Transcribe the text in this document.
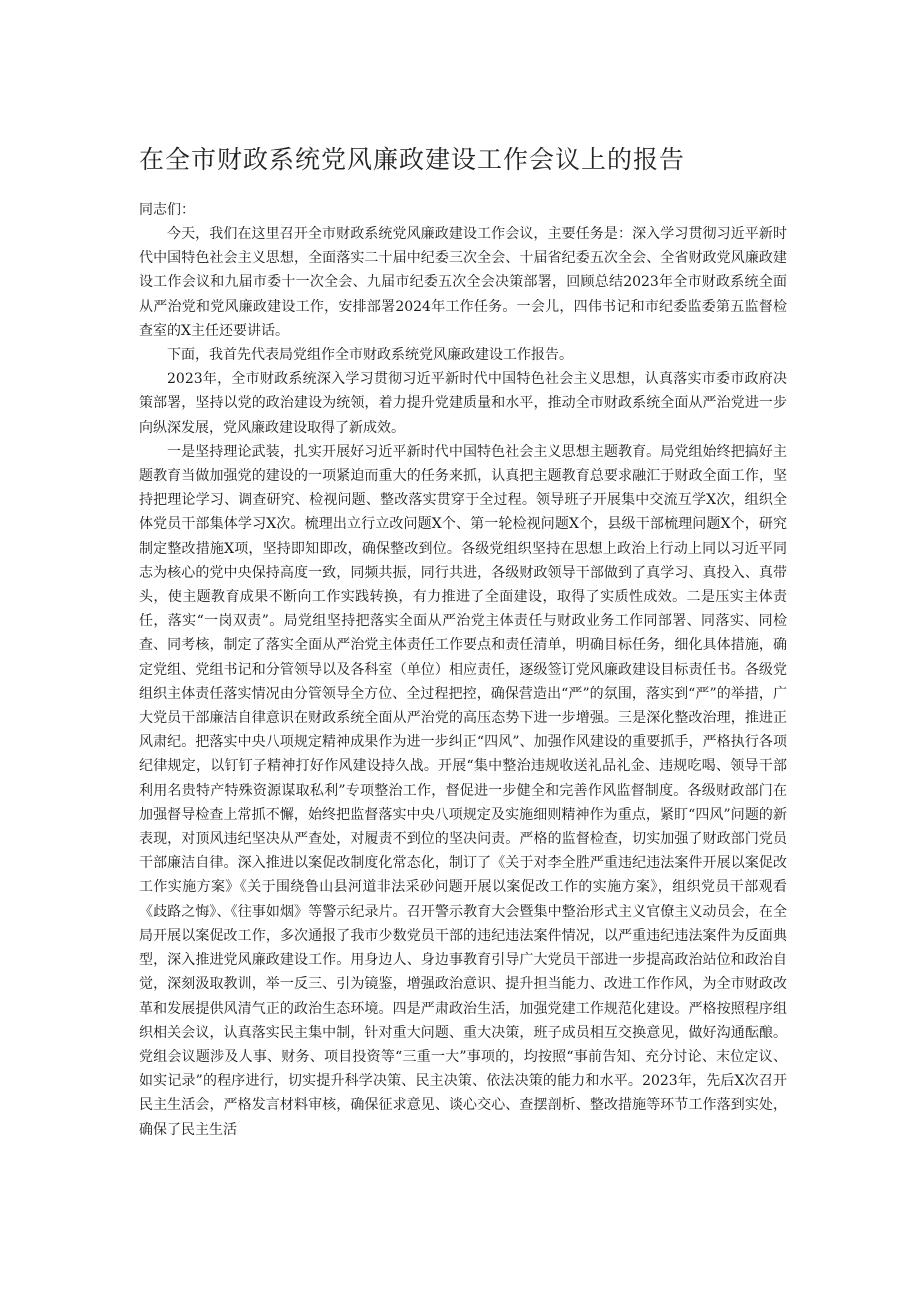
在全市财政系统党风廉政建设工作会议上的报告

同志们：

今天，我们在这里召开全市财政系统党风廉政建设工作会议，主要任务是：深入学习贯彻习近平新时代中国特色社会主义思想，全面落实二十届中纪委三次全会、十届省纪委五次全会、全省财政党风廉政建设工作会议和九届市委十一次全会、九届市纪委五次全会决策部署，回顾总结2023年全市财政系统全面从严治党和党风廉政建设工作，安排部署2024年工作任务。一会儿，四伟书记和市纪委监委第五监督检查室的X主任还要讲话。

下面，我首先代表局党组作全市财政系统党风廉政建设工作报告。

2023年，全市财政系统深入学习贯彻习近平新时代中国特色社会主义思想，认真落实市委市政府决策部署，坚持以党的政治建设为统领，着力提升党建质量和水平，推动全市财政系统全面从严治党进一步向纵深发展，党风廉政建设取得了新成效。

一是坚持理论武装，扎实开展好习近平新时代中国特色社会主义思想主题教育。局党组始终把搞好主题教育当做加强党的建设的一项紧迫而重大的任务来抓，认真把主题教育总要求融汇于财政全面工作，坚持把理论学习、调查研究、检视问题、整改落实贯穿于全过程。领导班子开展集中交流互学X次，组织全体党员干部集体学习X次。梳理出立行立改问题X个、第一轮检视问题X个，县级干部梳理问题X个，研究制定整改措施X项，坚持即知即改，确保整改到位。各级党组织坚持在思想上政治上行动上同以习近平同志为核心的党中央保持高度一致，同频共振，同行共进，各级财政领导干部做到了真学习、真投入、真带头，使主题教育成果不断向工作实践转换，有力推进了全面建设，取得了实质性成效。二是压实主体责任，落实“一岗双责”。局党组坚持把落实全面从严治党主体责任与财政业务工作同部署、同落实、同检查、同考核，制定了落实全面从严治党主体责任工作要点和责任清单，明确目标任务，细化具体措施，确定党组、党组书记和分管领导以及各科室（单位）相应责任，逐级签订党风廉政建设目标责任书。各级党组织主体责任落实情况由分管领导全方位、全过程把控，确保营造出“严”的氛围，落实到“严”的举措，广大党员干部廉洁自律意识在财政系统全面从严治党的高压态势下进一步增强。三是深化整改治理，推进正风肃纪。把落实中央八项规定精神成果作为进一步纠正“四风”、加强作风建设的重要抓手，严格执行各项纪律规定，以钉钉子精神打好作风建设持久战。开展“集中整治违规收送礼品礼金、违规吃喝、领导干部利用名贵特产特殊资源谋取私利”专项整治工作，督促进一步健全和完善作风监督制度。各级财政部门在加强督导检查上常抓不懈，始终把监督落实中央八项规定及实施细则精神作为重点，紧盯“四风”问题的新表现，对顶风违纪坚决从严查处，对履责不到位的坚决问责。严格的监督检查，切实加强了财政部门党员干部廉洁自律。深入推进以案促改制度化常态化，制订了《关于对李全胜严重违纪违法案件开展以案促改工作实施方案》《关于围绕鲁山县河道非法采砂问题开展以案促改工作的实施方案》，组织党员干部观看《歧路之悔》、《往事如烟》等警示纪录片。召开警示教育大会暨集中整治形式主义官僚主义动员会，在全局开展以案促改工作，多次通报了我市少数党员干部的违纪违法案件情况，以严重违纪违法案件为反面典型，深入推进党风廉政建设工作。用身边人、身边事教育引导广大党员干部进一步提高政治站位和政治自觉，深刻汲取教训，举一反三、引为镜鉴，增强政治意识、提升担当能力、改进工作作风，为全市财政改革和发展提供风清气正的政治生态环境。四是严肃政治生活，加强党建工作规范化建设。严格按照程序组织相关会议，认真落实民主集中制，针对重大问题、重大决策，班子成员相互交换意见，做好沟通酝酿。党组会议题涉及人事、财务、项目投资等“三重一大”事项的，均按照“事前告知、充分讨论、末位定议、如实记录”的程序进行，切实提升科学决策、民主决策、依法决策的能力和水平。2023年，先后X次召开民主生活会，严格发言材料审核，确保征求意见、谈心交心、查摆剖析、整改措施等环节工作落到实处，确保了民主生活
